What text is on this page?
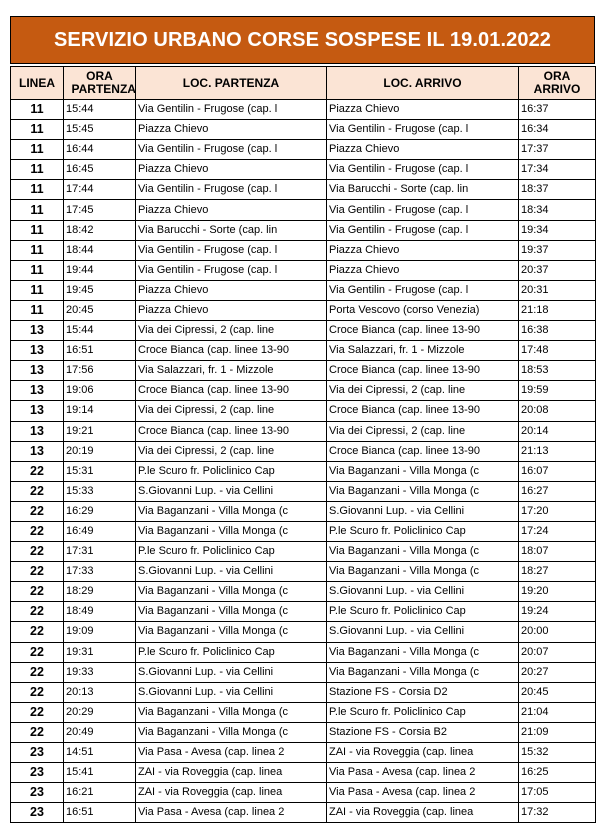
SERVIZIO URBANO CORSE SOSPESE IL 19.01.2022
LINEA	ORA PARTENZA	LOC. PARTENZA	LOC. ARRIVO	ORA ARRIVO
11	15:44	Via Gentilin - Frugose (cap. l	Piazza Chievo	16:37
11	15:45	Piazza Chievo	Via Gentilin - Frugose (cap. l	16:34
11	16:44	Via Gentilin - Frugose (cap. l	Piazza Chievo	17:37
11	16:45	Piazza Chievo	Via Gentilin - Frugose (cap. l	17:34
11	17:44	Via Gentilin - Frugose (cap. l	Via Barucchi - Sorte (cap. lin	18:37
11	17:45	Piazza Chievo	Via Gentilin - Frugose (cap. l	18:34
11	18:42	Via Barucchi - Sorte (cap. lin	Via Gentilin - Frugose (cap. l	19:34
11	18:44	Via Gentilin - Frugose (cap. l	Piazza Chievo	19:37
11	19:44	Via Gentilin - Frugose (cap. l	Piazza Chievo	20:37
11	19:45	Piazza Chievo	Via Gentilin - Frugose (cap. l	20:31
11	20:45	Piazza Chievo	Porta Vescovo (corso Venezia)	21:18
13	15:44	Via dei Cipressi, 2 (cap. line	Croce Bianca (cap. linee 13-90	16:38
13	16:51	Croce Bianca (cap. linee 13-90	Via Salazzari, fr. 1 - Mizzole	17:48
13	17:56	Via Salazzari, fr. 1 - Mizzole	Croce Bianca (cap. linee 13-90	18:53
13	19:06	Croce Bianca (cap. linee 13-90	Via dei Cipressi, 2 (cap. line	19:59
13	19:14	Via dei Cipressi, 2 (cap. line	Croce Bianca (cap. linee 13-90	20:08
13	19:21	Croce Bianca (cap. linee 13-90	Via dei Cipressi, 2 (cap. line	20:14
13	20:19	Via dei Cipressi, 2 (cap. line	Croce Bianca (cap. linee 13-90	21:13
22	15:31	P.le Scuro fr. Policlinico Cap	Via Baganzani - Villa Monga (c	16:07
22	15:33	S.Giovanni Lup. - via Cellini	Via Baganzani - Villa Monga (c	16:27
22	16:29	Via Baganzani - Villa Monga (c	S.Giovanni Lup. - via Cellini	17:20
22	16:49	Via Baganzani - Villa Monga (c	P.le Scuro fr. Policlinico Cap	17:24
22	17:31	P.le Scuro fr. Policlinico Cap	Via Baganzani - Villa Monga (c	18:07
22	17:33	S.Giovanni Lup. - via Cellini	Via Baganzani - Villa Monga (c	18:27
22	18:29	Via Baganzani - Villa Monga (c	S.Giovanni Lup. - via Cellini	19:20
22	18:49	Via Baganzani - Villa Monga (c	P.le Scuro fr. Policlinico Cap	19:24
22	19:09	Via Baganzani - Villa Monga (c	S.Giovanni Lup. - via Cellini	20:00
22	19:31	P.le Scuro fr. Policlinico Cap	Via Baganzani - Villa Monga (c	20:07
22	19:33	S.Giovanni Lup. - via Cellini	Via Baganzani - Villa Monga (c	20:27
22	20:13	S.Giovanni Lup. - via Cellini	Stazione FS - Corsia D2	20:45
22	20:29	Via Baganzani - Villa Monga (c	P.le Scuro fr. Policlinico Cap	21:04
22	20:49	Via Baganzani - Villa Monga (c	Stazione FS - Corsia B2	21:09
23	14:51	Via Pasa - Avesa (cap. linea 2	ZAI - via Roveggia (cap. linea	15:32
23	15:41	ZAI - via Roveggia (cap. linea	Via Pasa - Avesa (cap. linea 2	16:25
23	16:21	ZAI - via Roveggia (cap. linea	Via Pasa - Avesa (cap. linea 2	17:05
23	16:51	Via Pasa - Avesa (cap. linea 2	ZAI - via Roveggia (cap. linea	17:32
